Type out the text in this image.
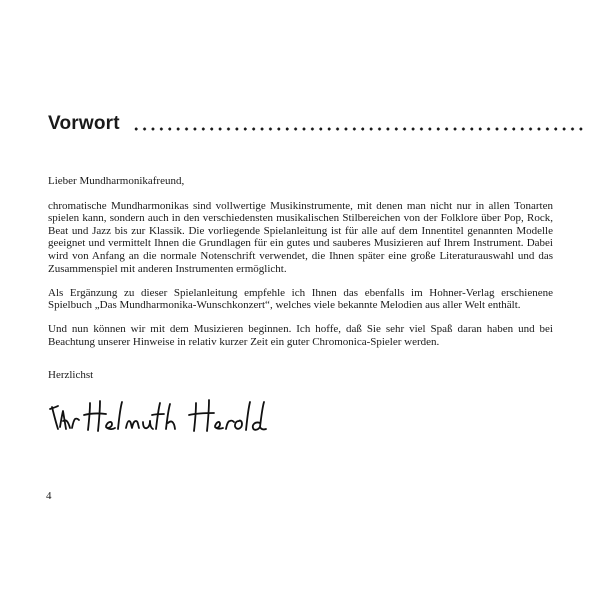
Vorwort

Lieber Mundharmonikafreund,

chromatische Mundharmonikas sind vollwertige Musikinstrumente, mit denen man nicht nur in allen Tonarten spielen kann, sondern auch in den verschiedensten musikalischen Stilbereichen von der Folklore über Pop, Rock, Beat und Jazz bis zur Klassik. Die vorliegende Spielanleitung ist für alle auf dem Innentitel genannten Modelle geeignet und vermittelt Ihnen die Grundlagen für ein gutes und sauberes Musizieren auf Ihrem Instrument. Dabei wird von Anfang an die normale Notenschrift verwendet, die Ihnen später eine große Literaturauswahl und das Zusammenspiel mit anderen Instrumenten ermöglicht.

Als Ergänzung zu dieser Spielanleitung empfehle ich Ihnen das ebenfalls im Hohner-Verlag erschienene Spielbuch „Das Mundharmonika-Wunschkonzert“, welches viele bekannte Melodien aus aller Welt enthält.

Und nun können wir mit dem Musizieren beginnen. Ich hoffe, daß Sie sehr viel Spaß daran haben und bei Beachtung unserer Hinweise in relativ kurzer Zeit ein guter Chromonica-Spieler werden.

Herzlichst
4
